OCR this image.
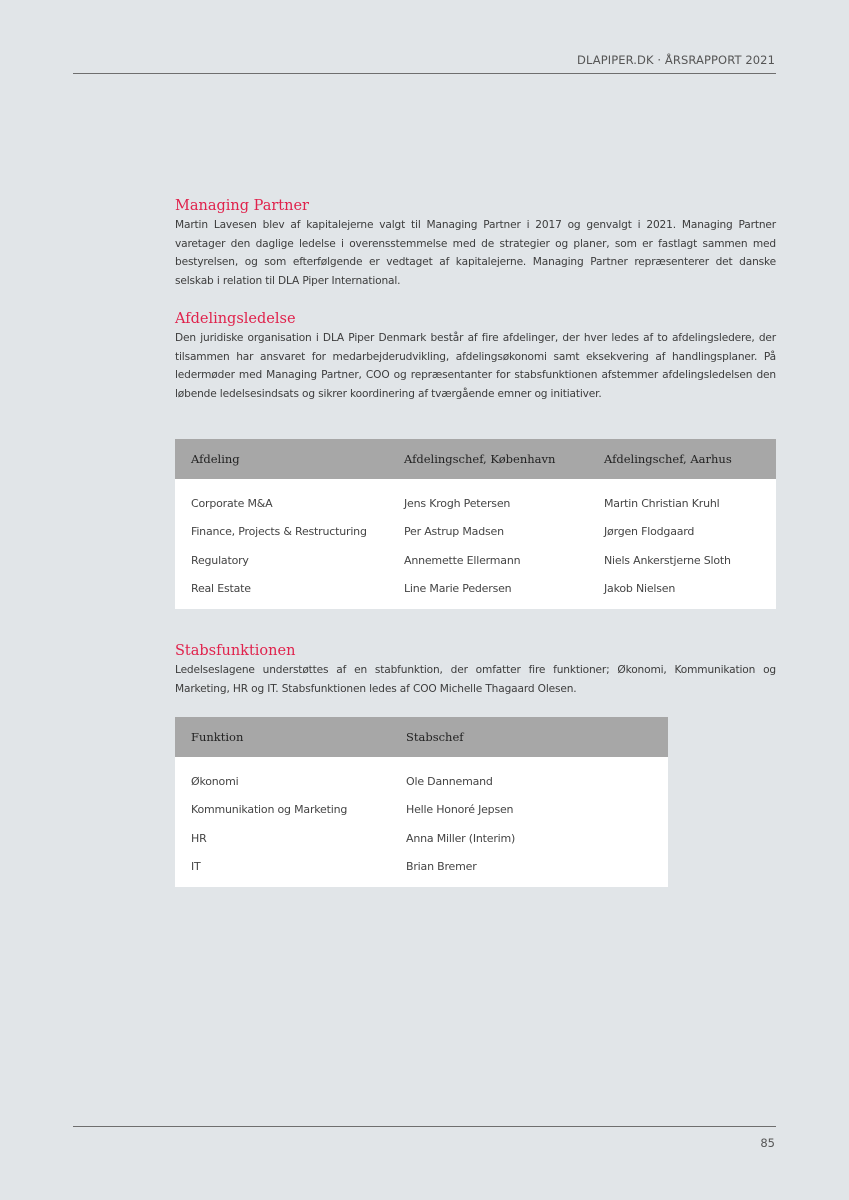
DLAPIPER.DK · ÅRSRAPPORT 2021
Managing Partner

Martin Lavesen blev af kapitalejerne valgt til Managing Partner i 2017 og genvalgt i 2021. Managing Partner varetager den daglige ledelse i overensstemmelse med de strategier og planer, som er fastlagt sammen med bestyrelsen, og som efterfølgende er vedtaget af kapitalejerne. Managing Partner repræsenterer det danske selskab i relation til DLA Piper International.

Afdelingsledelse

Den juridiske organisation i DLA Piper Denmark består af fire afdelinger, der hver ledes af to afdelingsledere, der tilsammen har ansvaret for medarbejderudvikling, afdelingsøkonomi samt eksekvering af handlingsplaner. På ledermøder med Managing Partner, COO og repræsentanter for stabsfunktionen afstemmer afdelingsledelsen den løbende ledelsesindsats og sikrer koordinering af tværgående emner og initiativer.

Afdeling	Afdelingschef, København	Afdelingschef, Aarhus
Corporate M&A	Jens Krogh Petersen	Martin Christian Kruhl
Finance, Projects & Restructuring	Per Astrup Madsen	Jørgen Flodgaard
Regulatory	Annemette Ellermann	Niels Ankerstjerne Sloth
Real Estate	Line Marie Pedersen	Jakob Nielsen
Stabsfunktionen

Ledelseslagene understøttes af en stabfunktion, der omfatter fire funktioner; Økonomi, Kommunikation og Marketing, HR og IT. Stabsfunktionen ledes af COO Michelle Thagaard Olesen.

Funktion	Stabschef
Økonomi	Ole Dannemand
Kommunikation og Marketing	Helle Honoré Jepsen
HR	Anna Miller (Interim)
IT	Brian Bremer
85
